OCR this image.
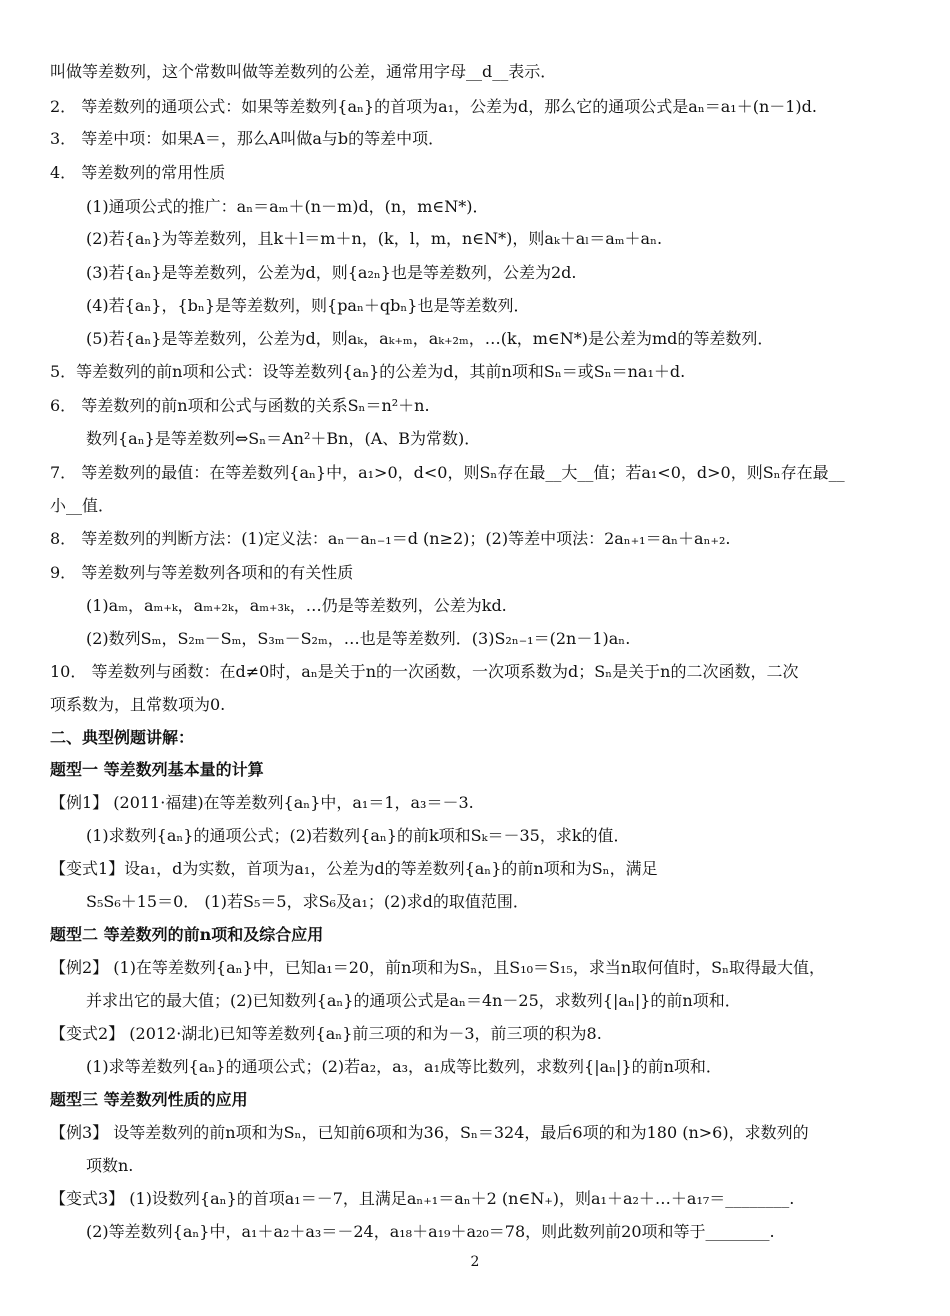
叫做等差数列，这个常数叫做等差数列的公差，通常用字母__d__表示．
2． 等差数列的通项公式：如果等差数列{aₙ}的首项为a₁，公差为d，那么它的通项公式是aₙ＝a₁＋(n－1)d.
3． 等差中项：如果A＝，那么A叫做a与b的等差中项．
4． 等差数列的常用性质
(1)通项公式的推广：aₙ＝aₘ＋(n－m)d，(n，m∈N*)．
(2)若{aₙ}为等差数列，且k＋l＝m＋n，(k，l，m，n∈N*)，则aₖ＋aₗ＝aₘ＋aₙ.
(3)若{aₙ}是等差数列，公差为d，则{a₂ₙ}也是等差数列，公差为2d.
(4)若{aₙ}，{bₙ}是等差数列，则{paₙ＋qbₙ}也是等差数列．
(5)若{aₙ}是等差数列，公差为d，则aₖ，aₖ₊ₘ，aₖ₊₂ₘ，…(k，m∈N*)是公差为md的等差数列．
5．等差数列的前n项和公式：设等差数列{aₙ}的公差为d，其前n项和Sₙ＝或Sₙ＝na₁＋d.
6． 等差数列的前n项和公式与函数的关系Sₙ＝n²＋n.
数列{aₙ}是等差数列⇔Sₙ＝An²＋Bn，(A、B为常数)．
7． 等差数列的最值：在等差数列{aₙ}中，a₁>0，d<0，则Sₙ存在最__大__值；若a₁<0，d>0，则Sₙ存在最__
小__值．
8． 等差数列的判断方法：(1)定义法：aₙ－aₙ₋₁＝d (n≥2)；(2)等差中项法：2aₙ₊₁＝aₙ＋aₙ₊₂.
9． 等差数列与等差数列各项和的有关性质
(1)aₘ，aₘ₊ₖ，aₘ₊₂ₖ，aₘ₊₃ₖ，…仍是等差数列，公差为kd.
(2)数列Sₘ，S₂ₘ－Sₘ，S₃ₘ－S₂ₘ，…也是等差数列．(3)S₂ₙ₋₁＝(2n－1)aₙ.
10． 等差数列与函数：在d≠0时，aₙ是关于n的一次函数，一次项系数为d；Sₙ是关于n的二次函数，二次
项系数为，且常数项为0.
二、典型例题讲解：
题型一 等差数列基本量的计算
【例1】 (2011·福建)在等差数列{aₙ}中，a₁＝1，a₃＝－3.
(1)求数列{aₙ}的通项公式；(2)若数列{aₙ}的前k项和Sₖ＝－35，求k的值．
【变式1】设a₁，d为实数，首项为a₁，公差为d的等差数列{aₙ}的前n项和为Sₙ，满足
S₅S₆＋15＝0． (1)若S₅＝5，求S₆及a₁；(2)求d的取值范围．
题型二 等差数列的前n项和及综合应用
【例2】 (1)在等差数列{aₙ}中，已知a₁＝20，前n项和为Sₙ，且S₁₀＝S₁₅，求当n取何值时，Sₙ取得最大值，
并求出它的最大值；(2)已知数列{aₙ}的通项公式是aₙ＝4n－25，求数列{|aₙ|}的前n项和．
【变式2】 (2012·湖北)已知等差数列{aₙ}前三项的和为－3，前三项的积为8.
(1)求等差数列{aₙ}的通项公式；(2)若a₂，a₃，a₁成等比数列，求数列{|aₙ|}的前n项和．
题型三 等差数列性质的应用
【例3】 设等差数列的前n项和为Sₙ，已知前6项和为36，Sₙ＝324，最后6项的和为180 (n>6)，求数列的
项数n.
【变式3】 (1)设数列{aₙ}的首项a₁＝－7，且满足aₙ₊₁＝aₙ＋2 (n∈N₊)，则a₁＋a₂＋…＋a₁₇＝________.
(2)等差数列{aₙ}中，a₁＋a₂＋a₃＝－24，a₁₈＋a₁₉＋a₂₀＝78，则此数列前20项和等于________.
2
